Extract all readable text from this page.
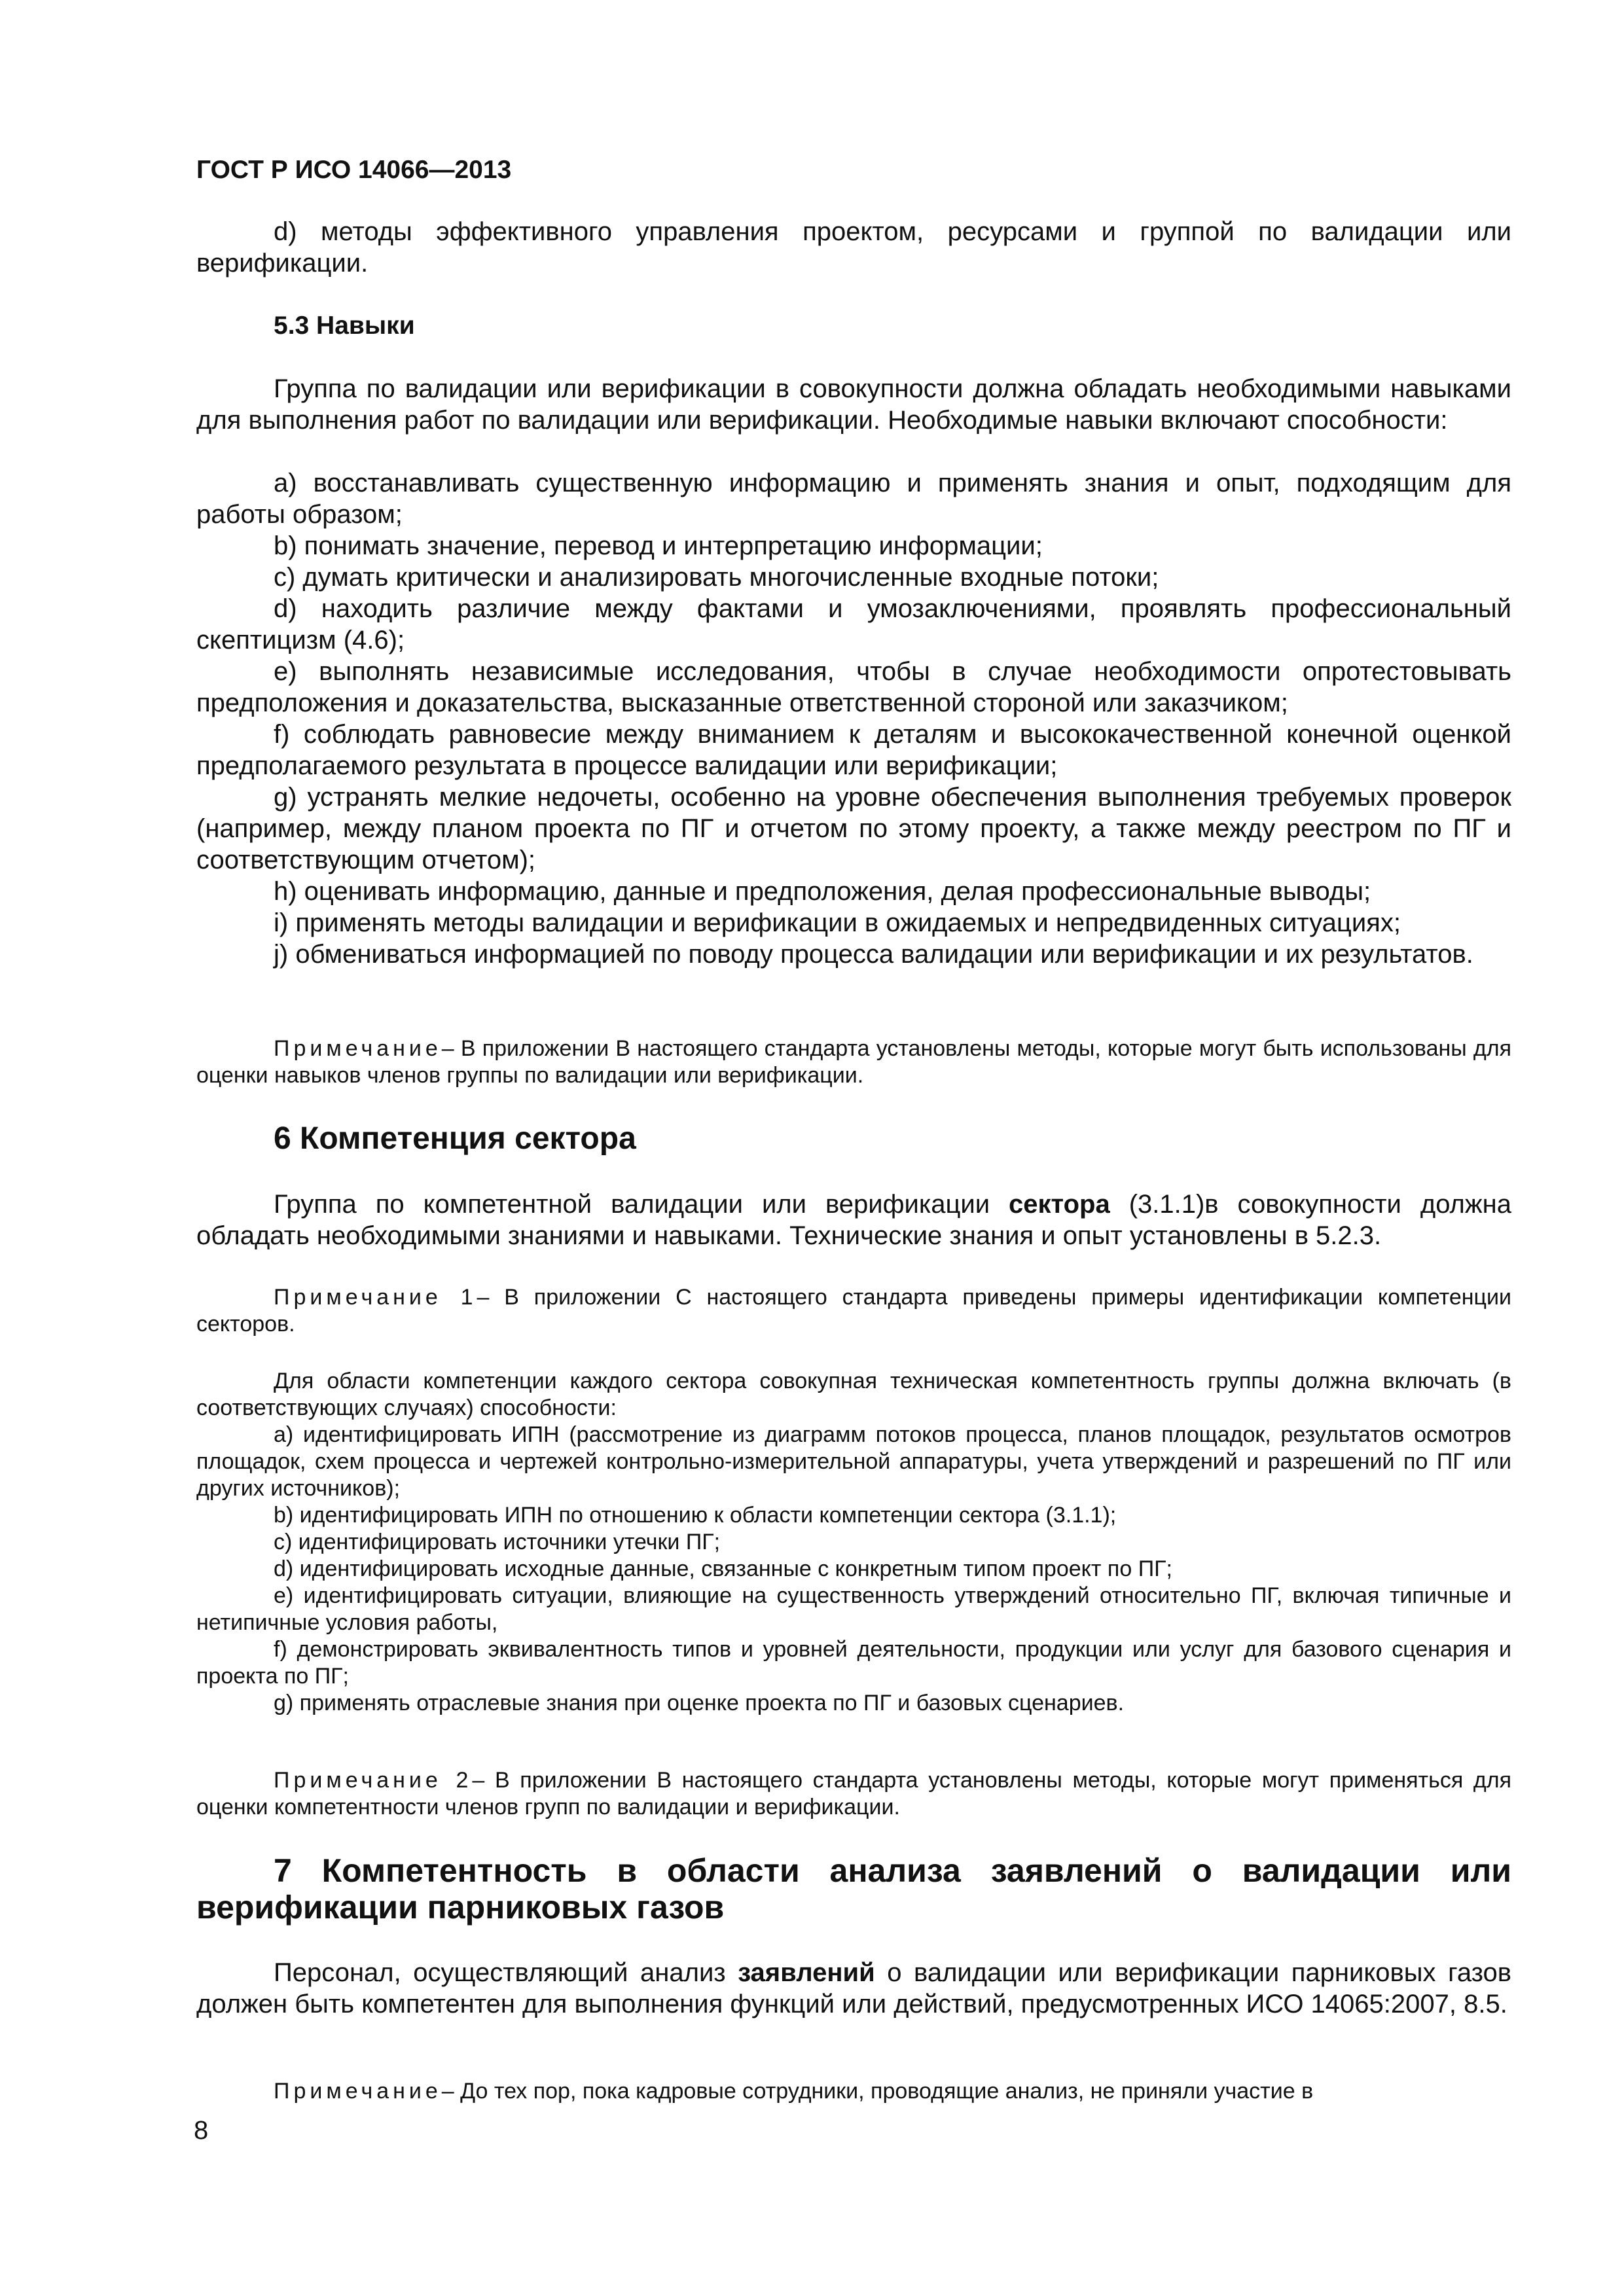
ГОСТ Р ИСО 14066—2013

d) методы эффективного управления проектом, ресурсами и группой по валидации или верификации.

5.3 Навыки

Группа по валидации или верификации в совокупности должна обладать необходимыми навыками для выполнения работ по валидации или верификации. Необходимые навыки включают способности:

a) восстанавливать существенную информацию и применять знания и опыт, подходящим для работы образом;

b) понимать значение, перевод и интерпретацию информации;

c) думать критически и анализировать многочисленные входные потоки;

d) находить различие между фактами и умозаключениями, проявлять профессиональный скептицизм (4.6);

e) выполнять независимые исследования, чтобы в случае необходимости опротестовывать предположения и доказательства, высказанные ответственной стороной или заказчиком;

f) соблюдать равновесие между вниманием к деталям и высококачественной конечной оценкой предполагаемого результата в процессе валидации или верификации;

g) устранять мелкие недочеты, особенно на уровне обеспечения выполнения требуемых проверок (например, между планом проекта по ПГ и отчетом по этому проекту, а также между реестром по ПГ и соответствующим отчетом);

h) оценивать информацию, данные и предположения, делая профессиональные выводы;

i) применять методы валидации и верификации в ожидаемых и непредвиденных ситуациях;

j) обмениваться информацией по поводу процесса валидации или верификации и их результатов.

Примечание– В приложении В настоящего стандарта установлены методы, которые могут быть использованы для оценки навыков членов группы по валидации или верификации.

6 Компетенция сектора

Группа по компетентной валидации или верификации сектора (3.1.1)в совокупности должна обладать необходимыми знаниями и навыками. Технические знания и опыт установлены в 5.2.3.

Примечание 1– В приложении С настоящего стандарта приведены примеры идентификации компетенции секторов.

Для области компетенции каждого сектора совокупная техническая компетентность группы должна включать (в соответствующих случаях) способности:

a) идентифицировать ИПН (рассмотрение из диаграмм потоков процесса, планов площадок, результатов осмотров площадок, схем процесса и чертежей контрольно-измерительной аппаратуры, учета утверждений и разрешений по ПГ или других источников);

b) идентифицировать ИПН по отношению к области компетенции сектора (3.1.1);

c) идентифицировать источники утечки ПГ;

d) идентифицировать исходные данные, связанные с конкретным типом проект по ПГ;

e) идентифицировать ситуации, влияющие на существенность утверждений относительно ПГ, включая типичные и нетипичные условия работы,

f) демонстрировать эквивалентность типов и уровней деятельности, продукции или услуг для базового сценария и проекта по ПГ;

g) применять отраслевые знания при оценке проекта по ПГ и базовых сценариев.

Примечание 2– В приложении В настоящего стандарта установлены методы, которые могут применяться для оценки компетентности членов групп по валидации и верификации.

7 Компетентность в области анализа заявлений о валидации или верификации парниковых газов

Персонал, осуществляющий анализ заявлений о валидации или верификации парниковых газов должен быть компетентен для выполнения функций или действий, предусмотренных ИСО 14065:2007, 8.5.

Примечание– До тех пор, пока кадровые сотрудники, проводящие анализ, не приняли участие в

8
